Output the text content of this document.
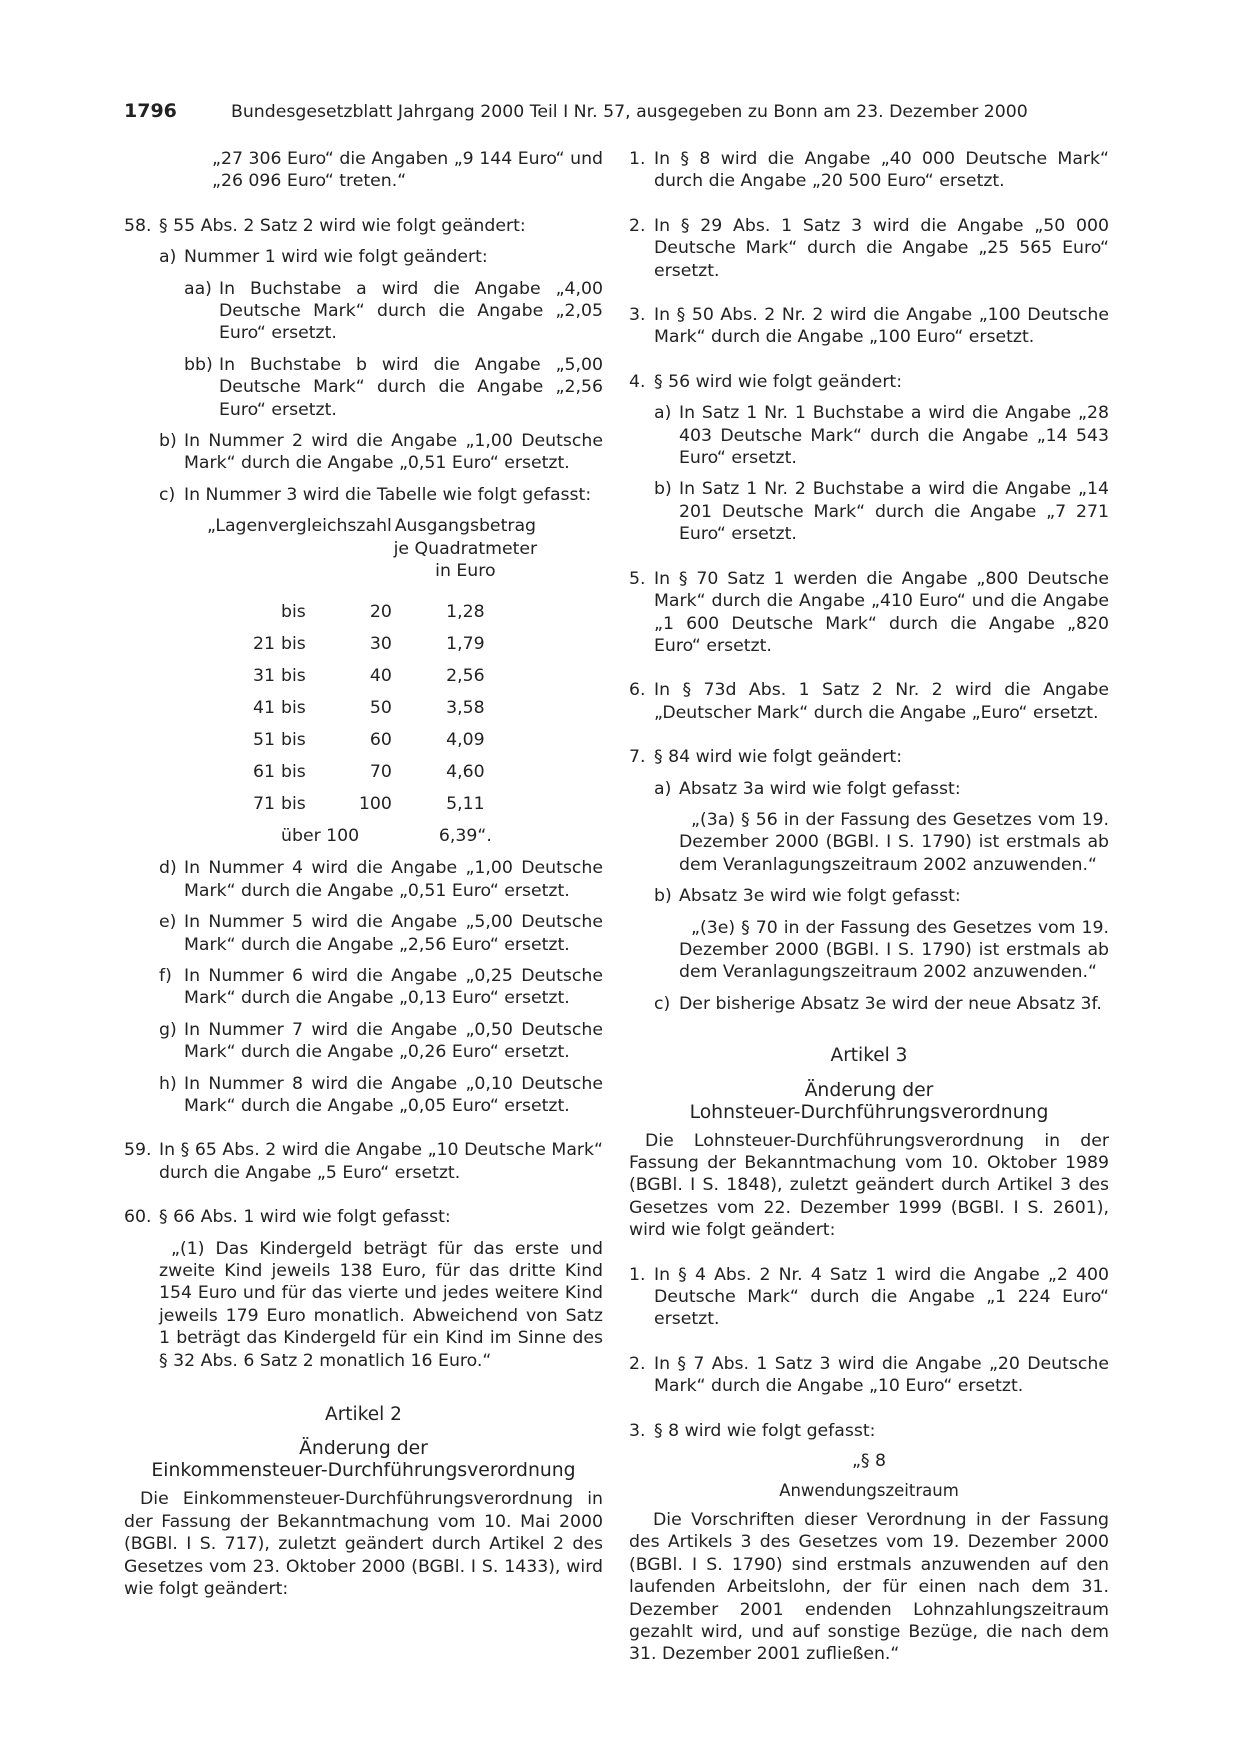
1796	Bundesgesetzblatt Jahrgang 2000 Teil I Nr. 57, ausgegeben zu Bonn am 23. Dezember 2000
„27 306 Euro“ die Angaben „9 144 Euro“ und
„26 096 Euro“ treten.“
58. § 55 Abs. 2 Satz 2 wird wie folgt geändert:
a) Nummer 1 wird wie folgt geändert:
aa) In Buchstabe a wird die Angabe „4,00 Deutsche Mark“ durch die Angabe „2,05 Euro“ ersetzt.
bb) In Buchstabe b wird die Angabe „5,00 Deutsche Mark“ durch die Angabe „2,56 Euro“ ersetzt.
b) In Nummer 2 wird die Angabe „1,00 Deutsche Mark“ durch die Angabe „0,51 Euro“ ersetzt.
c) In Nummer 3 wird die Tabelle wie folgt gefasst:
„Lagenvergleichszahl			Ausgangsbetrag
je Quadratmeter
in Euro

	bis	20	1,28
21	bis	30	1,79
31	bis	40	2,56
41	bis	50	3,58
51	bis	60	4,09
61	bis	70	4,60
71	bis	100	5,11
	über 100		6,39“.
d) In Nummer 4 wird die Angabe „1,00 Deutsche Mark“ durch die Angabe „0,51 Euro“ ersetzt.
e) In Nummer 5 wird die Angabe „5,00 Deutsche Mark“ durch die Angabe „2,56 Euro“ ersetzt.
f) In Nummer 6 wird die Angabe „0,25 Deutsche Mark“ durch die Angabe „0,13 Euro“ ersetzt.
g) In Nummer 7 wird die Angabe „0,50 Deutsche Mark“ durch die Angabe „0,26 Euro“ ersetzt.
h) In Nummer 8 wird die Angabe „0,10 Deutsche Mark“ durch die Angabe „0,05 Euro“ ersetzt.
59. In § 65 Abs. 2 wird die Angabe „10 Deutsche Mark“ durch die Angabe „5 Euro“ ersetzt.
60. § 66 Abs. 1 wird wie folgt gefasst:
„(1) Das Kindergeld beträgt für das erste und zweite Kind jeweils 138 Euro, für das dritte Kind 154 Euro und für das vierte und jedes weitere Kind jeweils 179 Euro monatlich. Abweichend von Satz 1 beträgt das Kindergeld für ein Kind im Sinne des § 32 Abs. 6 Satz 2 monatlich 16 Euro.“
Artikel 2
Änderung der
Einkommensteuer-Durchführungsverordnung
Die Einkommensteuer-Durchführungsverordnung in der Fassung der Bekanntmachung vom 10. Mai 2000 (BGBl. I S. 717), zuletzt geändert durch Artikel 2 des Gesetzes vom 23. Oktober 2000 (BGBl. I S. 1433), wird wie folgt geändert:
1. In § 8 wird die Angabe „40 000 Deutsche Mark“ durch die Angabe „20 500 Euro“ ersetzt.
2. In § 29 Abs. 1 Satz 3 wird die Angabe „50 000 Deutsche Mark“ durch die Angabe „25 565 Euro“ ersetzt.
3. In § 50 Abs. 2 Nr. 2 wird die Angabe „100 Deutsche Mark“ durch die Angabe „100 Euro“ ersetzt.
4. § 56 wird wie folgt geändert:
a) In Satz 1 Nr. 1 Buchstabe a wird die Angabe „28 403 Deutsche Mark“ durch die Angabe „14 543 Euro“ ersetzt.
b) In Satz 1 Nr. 2 Buchstabe a wird die Angabe „14 201 Deutsche Mark“ durch die Angabe „7 271 Euro“ ersetzt.
5. In § 70 Satz 1 werden die Angabe „800 Deutsche Mark“ durch die Angabe „410 Euro“ und die Angabe „1 600 Deutsche Mark“ durch die Angabe „820 Euro“ ersetzt.
6. In § 73d Abs. 1 Satz 2 Nr. 2 wird die Angabe „Deutscher Mark“ durch die Angabe „Euro“ ersetzt.
7. § 84 wird wie folgt geändert:
a) Absatz 3a wird wie folgt gefasst:
„(3a) § 56 in der Fassung des Gesetzes vom 19. Dezember 2000 (BGBl. I S. 1790) ist erstmals ab dem Veranlagungszeitraum 2002 anzuwenden.“
b) Absatz 3e wird wie folgt gefasst:
„(3e) § 70 in der Fassung des Gesetzes vom 19. Dezember 2000 (BGBl. I S. 1790) ist erstmals ab dem Veranlagungszeitraum 2002 anzuwenden.“
c) Der bisherige Absatz 3e wird der neue Absatz 3f.
Artikel 3
Änderung der
Lohnsteuer-Durchführungsverordnung
Die Lohnsteuer-Durchführungsverordnung in der Fassung der Bekanntmachung vom 10. Oktober 1989 (BGBl. I S. 1848), zuletzt geändert durch Artikel 3 des Gesetzes vom 22. Dezember 1999 (BGBl. I S. 2601), wird wie folgt geändert:
1. In § 4 Abs. 2 Nr. 4 Satz 1 wird die Angabe „2 400 Deutsche Mark“ durch die Angabe „1 224 Euro“ ersetzt.
2. In § 7 Abs. 1 Satz 3 wird die Angabe „20 Deutsche Mark“ durch die Angabe „10 Euro“ ersetzt.
3. § 8 wird wie folgt gefasst:
„§ 8
Anwendungszeitraum
Die Vorschriften dieser Verordnung in der Fassung des Artikels 3 des Gesetzes vom 19. Dezember 2000 (BGBl. I S. 1790) sind erstmals anzuwenden auf den laufenden Arbeitslohn, der für einen nach dem 31. Dezember 2001 endenden Lohnzahlungszeitraum gezahlt wird, und auf sonstige Bezüge, die nach dem 31. Dezember 2001 zufließen.“
